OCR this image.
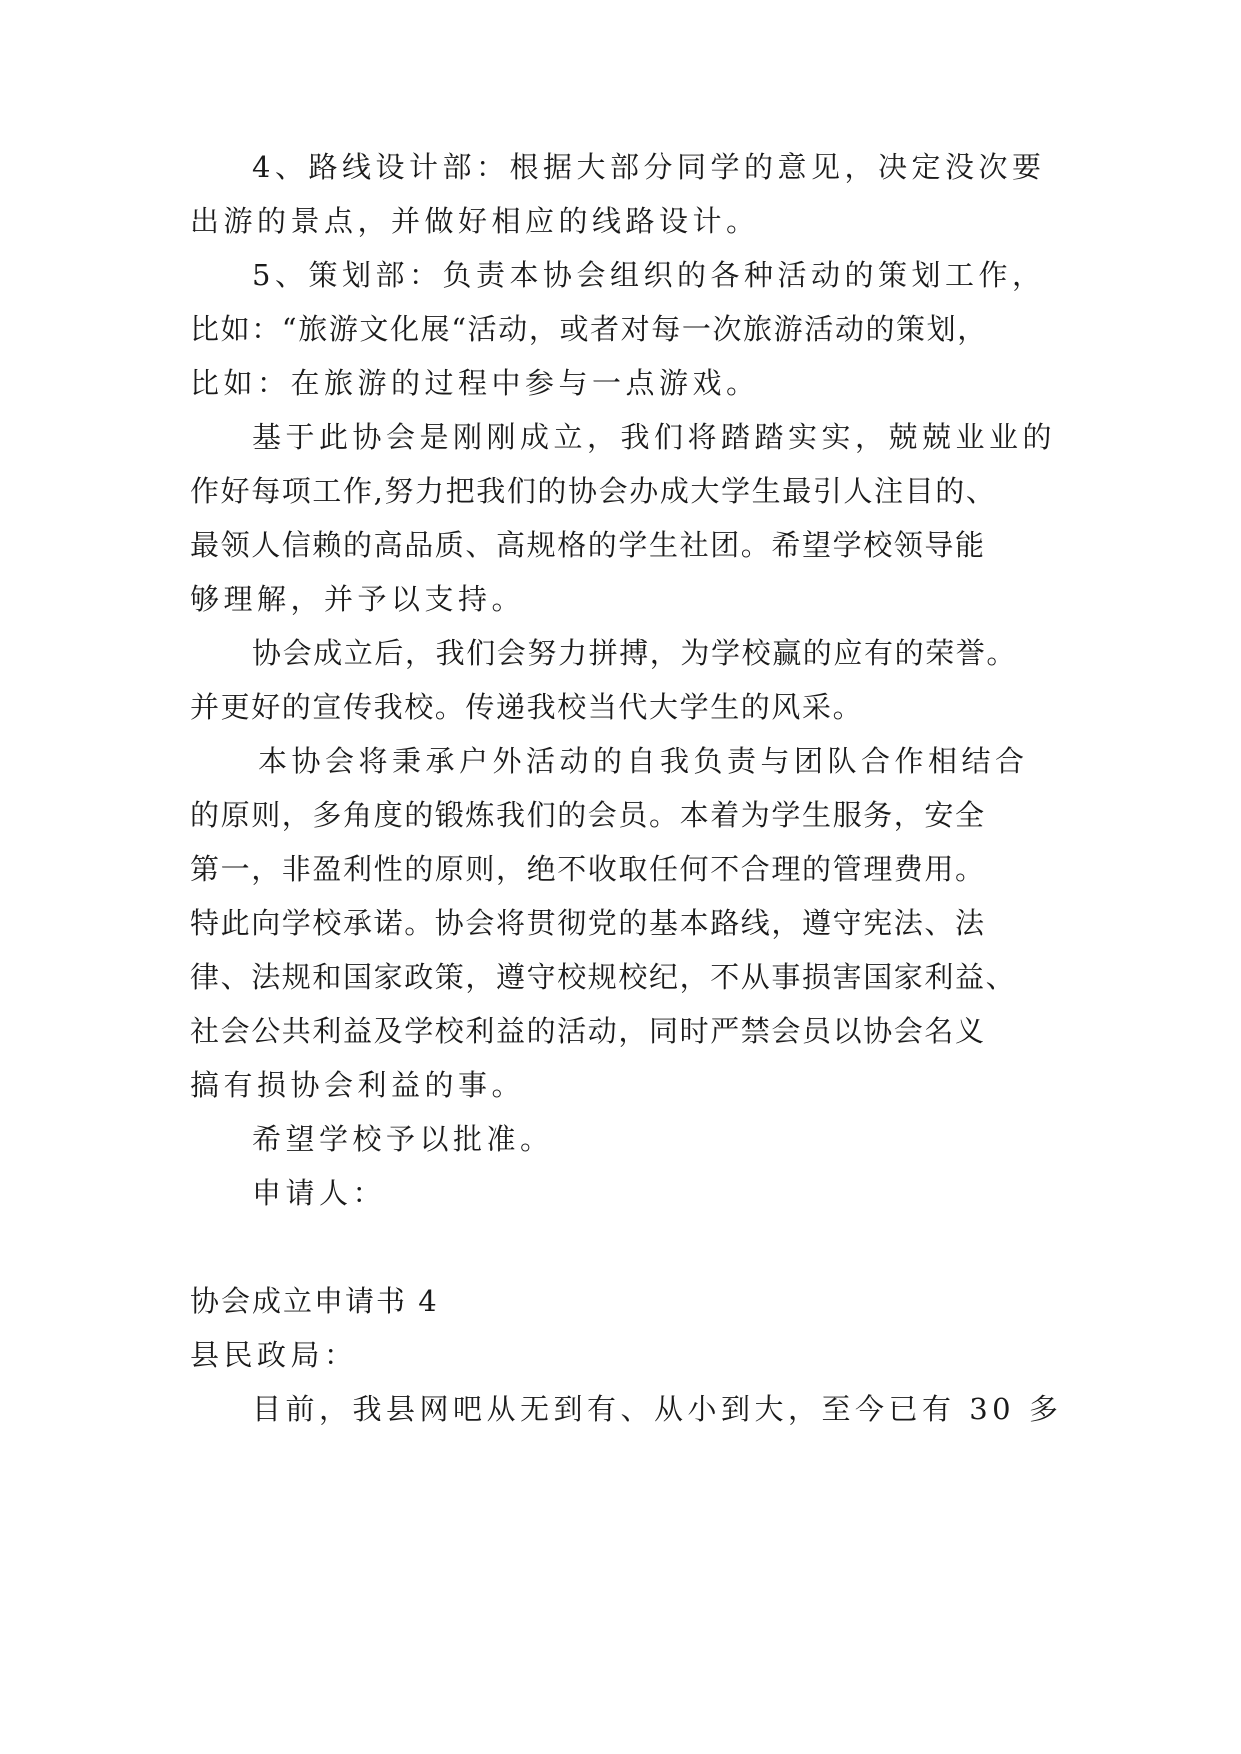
4、路线设计部：根据大部分同学的意见，决定没次要
出游的景点，并做好相应的线路设计。
5、策划部：负责本协会组织的各种活动的策划工作，
比如：“旅游文化展“活动，或者对每一次旅游活动的策划，
比如：在旅游的过程中参与一点游戏。
基于此协会是刚刚成立，我们将踏踏实实，兢兢业业的
作好每项工作,努力把我们的协会办成大学生最引人注目的、
最领人信赖的高品质、高规格的学生社团。希望学校领导能
够理解，并予以支持。
协会成立后，我们会努力拼搏，为学校赢的应有的荣誉。
并更好的宣传我校。传递我校当代大学生的风采。
本协会将秉承户外活动的自我负责与团队合作相结合
的原则，多角度的锻炼我们的会员。本着为学生服务，安全
第一，非盈利性的原则，绝不收取任何不合理的管理费用。
特此向学校承诺。协会将贯彻党的基本路线，遵守宪法、法
律、法规和国家政策，遵守校规校纪，不从事损害国家利益、
社会公共利益及学校利益的活动，同时严禁会员以协会名义
搞有损协会利益的事。
希望学校予以批准。
申请人：
协会成立申请书 4
县民政局：
目前，我县网吧从无到有、从小到大，至今已有 30 多
